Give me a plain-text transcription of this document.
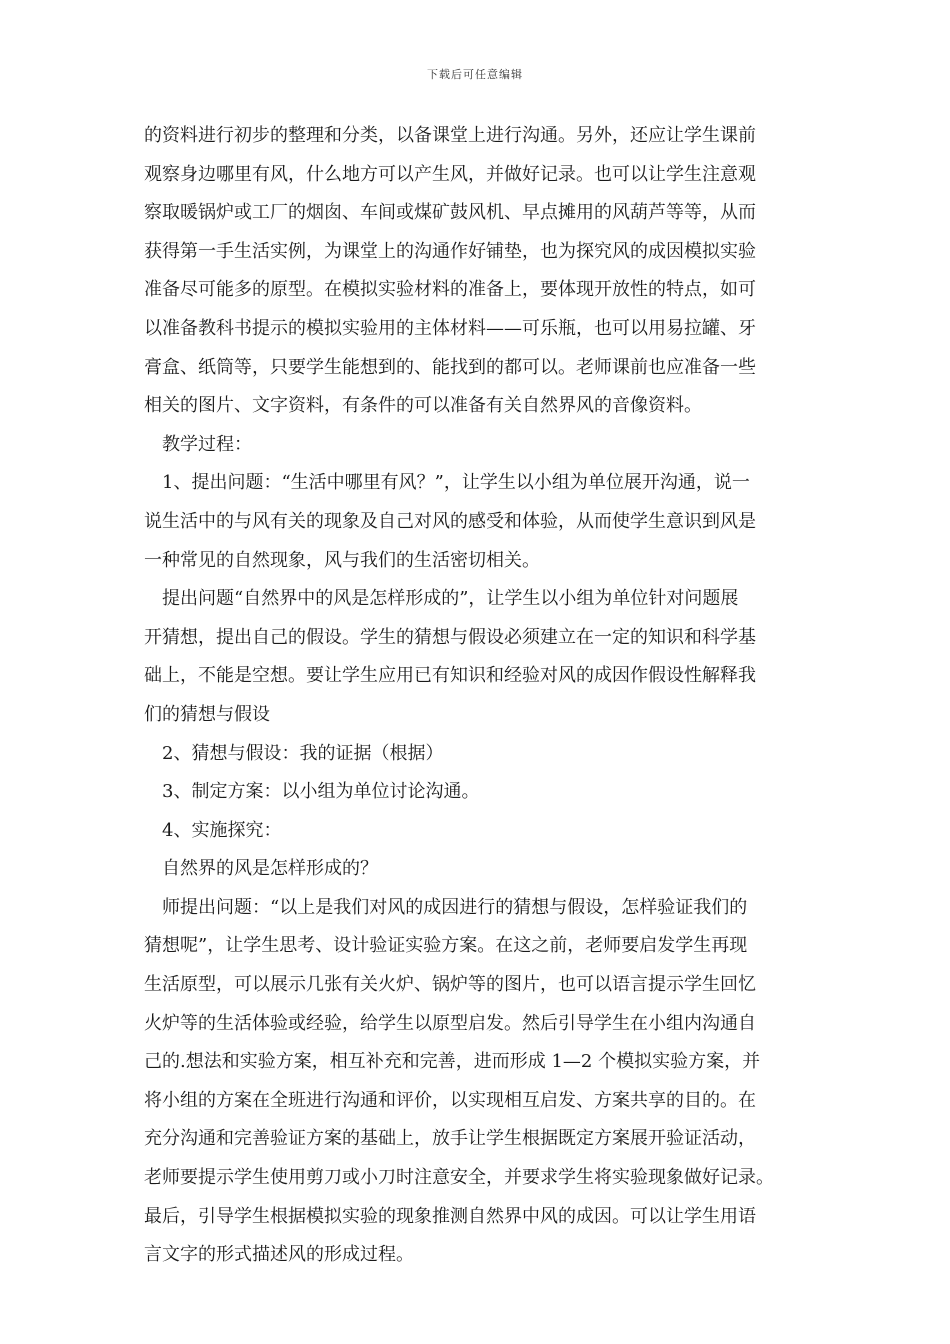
下载后可任意编辑
的资料进行初步的整理和分类，以备课堂上进行沟通。另外，还应让学生课前
观察身边哪里有风，什么地方可以产生风，并做好记录。也可以让学生注意观
察取暖锅炉或工厂的烟囱、车间或煤矿鼓风机、早点摊用的风葫芦等等，从而
获得第一手生活实例，为课堂上的沟通作好铺垫，也为探究风的成因模拟实验
准备尽可能多的原型。在模拟实验材料的准备上，要体现开放性的特点，如可
以准备教科书提示的模拟实验用的主体材料——可乐瓶，也可以用易拉罐、牙
膏盒、纸筒等，只要学生能想到的、能找到的都可以。老师课前也应准备一些
相关的图片、文字资料，有条件的可以准备有关自然界风的音像资料。
教学过程：
1、提出问题：“生活中哪里有风？”，让学生以小组为单位展开沟通，说一
说生活中的与风有关的现象及自己对风的感受和体验，从而使学生意识到风是
一种常见的自然现象，风与我们的生活密切相关。
提出问题“自然界中的风是怎样形成的”，让学生以小组为单位针对问题展
开猜想，提出自己的假设。学生的猜想与假设必须建立在一定的知识和科学基
础上，不能是空想。要让学生应用已有知识和经验对风的成因作假设性解释我
们的猜想与假设
2、猜想与假设：我的证据（根据）
3、制定方案：以小组为单位讨论沟通。
4、实施探究：
自然界的风是怎样形成的？
师提出问题：“以上是我们对风的成因进行的猜想与假设，怎样验证我们的
猜想呢”，让学生思考、设计验证实验方案。在这之前，老师要启发学生再现
生活原型，可以展示几张有关火炉、锅炉等的图片，也可以语言提示学生回忆
火炉等的生活体验或经验，给学生以原型启发。然后引导学生在小组内沟通自
己的.想法和实验方案，相互补充和完善，进而形成 1—2 个模拟实验方案，并
将小组的方案在全班进行沟通和评价，以实现相互启发、方案共享的目的。在
充分沟通和完善验证方案的基础上，放手让学生根据既定方案展开验证活动，
老师要提示学生使用剪刀或小刀时注意安全，并要求学生将实验现象做好记录。
最后，引导学生根据模拟实验的现象推测自然界中风的成因。可以让学生用语
言文字的形式描述风的形成过程。
